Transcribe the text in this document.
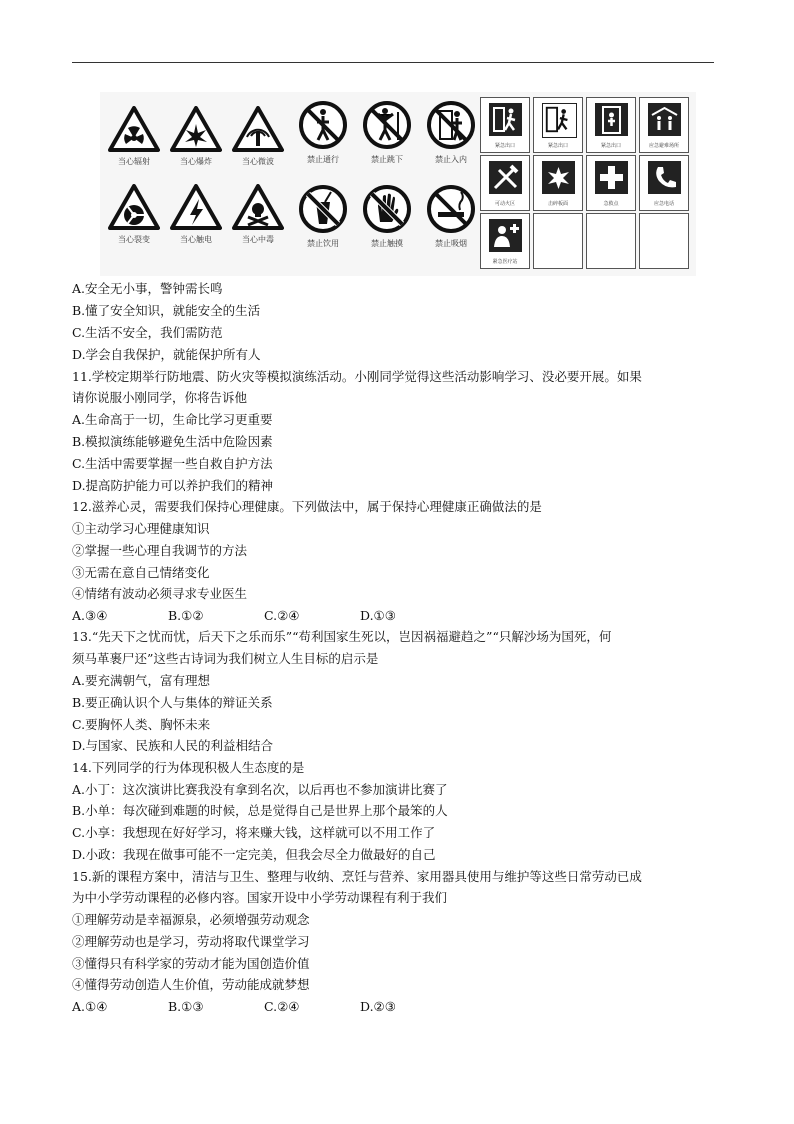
当心辐射	当心爆炸	当心微波
当心裂变	当心触电	当心中毒
禁止通行	禁止跳下	禁止入内
禁止饮用	禁止触摸	禁止吸烟
紧急出口	紧急出口	紧急出口	应急避难场所
可动火区	击碎板面	急救点	应急电话
紧急医疗站
A.安全无小事，警钟需长鸣
B.懂了安全知识，就能安全的生活
C.生活不安全，我们需防范
D.学会自我保护，就能保护所有人
11.学校定期举行防地震、防火灾等模拟演练活动。小刚同学觉得这些活动影响学习、没必要开展。如果
请你说服小刚同学，你将告诉他
A.生命高于一切，生命比学习更重要
B.模拟演练能够避免生活中危险因素
C.生活中需要掌握一些自救自护方法
D.提高防护能力可以养护我们的精神
12.滋养心灵，需要我们保持心理健康。下列做法中，属于保持心理健康正确做法的是
①主动学习心理健康知识
②掌握一些心理自我调节的方法
③无需在意自己情绪变化
④情绪有波动必须寻求专业医生
A.③④	B.①②	C.②④	D.①③
13.“先天下之忧而忧，后天下之乐而乐”“苟利国家生死以，岂因祸福避趋之”“只解沙场为国死，何
须马革裹尸还”这些古诗词为我们树立人生目标的启示是
A.要充满朝气，富有理想
B.要正确认识个人与集体的辩证关系
C.要胸怀人类、胸怀未来
D.与国家、民族和人民的利益相结合
14.下列同学的行为体现积极人生态度的是
A.小丁：这次演讲比赛我没有拿到名次，以后再也不参加演讲比赛了
B.小单：每次碰到难题的时候，总是觉得自己是世界上那个最笨的人
C.小享：我想现在好好学习，将来赚大钱，这样就可以不用工作了
D.小政：我现在做事可能不一定完美，但我会尽全力做最好的自己
15.新的课程方案中，清洁与卫生、整理与收纳、烹饪与营养、家用器具使用与维护等这些日常劳动已成
为中小学劳动课程的必修内容。国家开设中小学劳动课程有利于我们
①理解劳动是幸福源泉，必须增强劳动观念
②理解劳动也是学习，劳动将取代课堂学习
③懂得只有科学家的劳动才能为国创造价值
④懂得劳动创造人生价值，劳动能成就梦想
A.①④	B.①③	C.②④	D.②③
